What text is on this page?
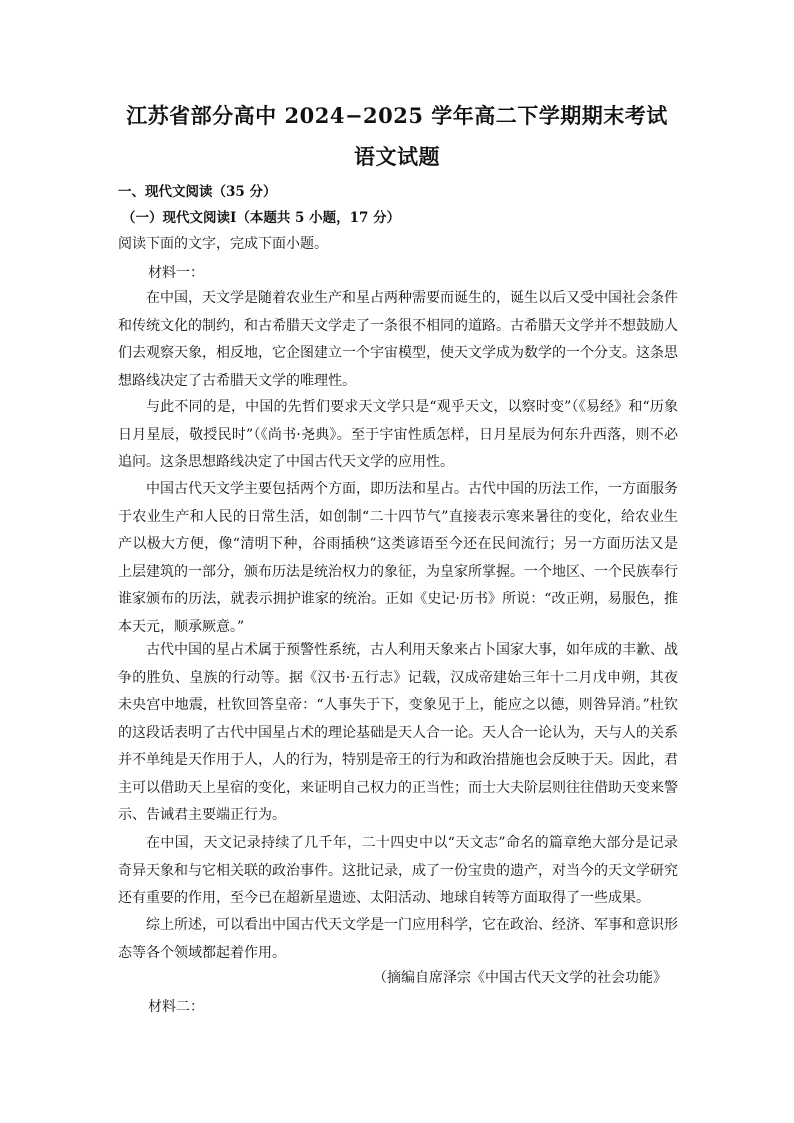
江苏省部分高中 2024−2025 学年高二下学期期末考试
语文试题
一、现代文阅读（35 分）
（一）现代文阅读Ⅰ（本题共 5 小题，17 分）
阅读下面的文字，完成下面小题。
材料一：

在中国，天文学是随着农业生产和星占两种需要而诞生的，诞生以后又受中国社会条件和传统文化的制约，和古希腊天文学走了一条很不相同的道路。古希腊天文学并不想鼓励人们去观察天象，相反地，它企图建立一个宇宙模型，使天文学成为数学的一个分支。这条思想路线决定了古希腊天文学的唯理性。

与此不同的是，中国的先哲们要求天文学只是“观乎天文，以察时变”（《易经》和“历象日月星辰，敬授民时”（《尚书·尧典》。至于宇宙性质怎样，日月星辰为何东升西落，则不必追问。这条思想路线决定了中国古代天文学的应用性。

中国古代天文学主要包括两个方面，即历法和星占。古代中国的历法工作，一方面服务于农业生产和人民的日常生活，如创制“二十四节气”直接表示寒来暑往的变化，给农业生产以极大方便，像“清明下种，谷雨插秧”这类谚语至今还在民间流行；另一方面历法又是上层建筑的一部分，颁布历法是统治权力的象征，为皇家所掌握。一个地区、一个民族奉行谁家颁布的历法，就表示拥护谁家的统治。正如《史记·历书》所说：“改正朔，易服色，推本天元，顺承厥意。”

古代中国的星占术属于预警性系统，古人利用天象来占卜国家大事，如年成的丰歉、战争的胜负、皇族的行动等。据《汉书·五行志》记载，汉成帝建始三年十二月戊申朔，其夜未央宫中地震，杜钦回答皇帝：“人事失于下，变象见于上，能应之以德，则咎异消。”杜钦的这段话表明了古代中国星占术的理论基础是天人合一论。天人合一论认为，天与人的关系并不单纯是天作用于人，人的行为，特别是帝王的行为和政治措施也会反映于天。因此，君主可以借助天上星宿的变化，来证明自己权力的正当性；而士大夫阶层则往往借助天变来警示、告诫君主要端正行为。

在中国，天文记录持续了几千年，二十四史中以“天文志”命名的篇章绝大部分是记录奇异天象和与它相关联的政治事件。这批记录，成了一份宝贵的遗产，对当今的天文学研究还有重要的作用，至今已在超新星遗迹、太阳活动、地球自转等方面取得了一些成果。

综上所述，可以看出中国古代天文学是一门应用科学，它在政治、经济、军事和意识形态等各个领域都起着作用。

（摘编自席泽宗《中国古代天文学的社会功能》
材料二：
